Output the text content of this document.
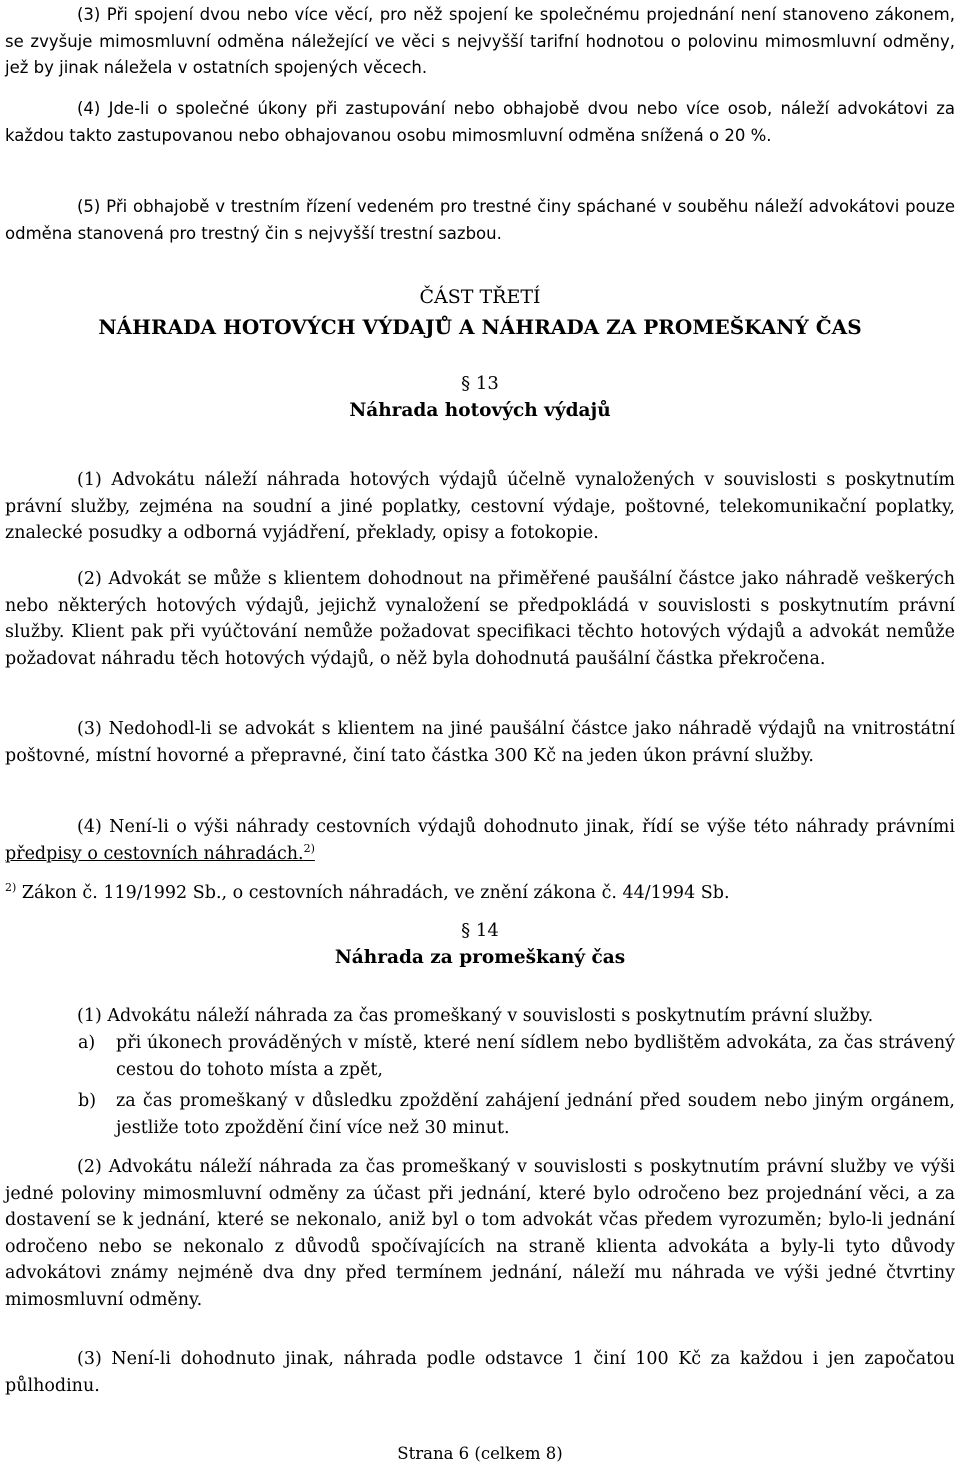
(3) Při spojení dvou nebo více věcí, pro něž spojení ke společnému projednání není stanoveno zákonem, se zvyšuje mimosmluvní odměna náležející ve věci s nejvyšší tarifní hodnotou o polovinu mimosmluvní odměny, jež by jinak náležela v ostatních spojených věcech.

(4) Jde-li o společné úkony při zastupování nebo obhajobě dvou nebo více osob, náleží advokátovi za každou takto zastupovanou nebo obhajovanou osobu mimosmluvní odměna snížená o 20 %.

(5) Při obhajobě v trestním řízení vedeném pro trestné činy spáchané v souběhu náleží advokátovi pouze odměna stanovená pro trestný čin s nejvyšší trestní sazbou.

ČÁST TŘETÍ

NÁHRADA HOTOVÝCH VÝDAJŮ A NÁHRADA ZA PROMEŠKANÝ ČAS

§ 13

Náhrada hotových výdajů

(1) Advokátu náleží náhrada hotových výdajů účelně vynaložených v souvislosti s poskytnutím právní služby, zejména na soudní a jiné poplatky, cestovní výdaje, poštovné, telekomunikační poplatky, znalecké posudky a odborná vyjádření, překlady, opisy a fotokopie.

(2) Advokát se může s klientem dohodnout na přiměřené paušální částce jako náhradě veškerých nebo některých hotových výdajů, jejichž vynaložení se předpokládá v souvislosti s poskytnutím právní služby. Klient pak při vyúčtování nemůže požadovat specifikaci těchto hotových výdajů a advokát nemůže požadovat náhradu těch hotových výdajů, o něž byla dohodnutá paušální částka překročena.

(3) Nedohodl-li se advokát s klientem na jiné paušální částce jako náhradě výdajů na vnitrostátní poštovné, místní hovorné a přepravné, činí tato částka 300 Kč na jeden úkon právní služby.

(4) Není-li o výši náhrady cestovních výdajů dohodnuto jinak, řídí se výše této náhrady právními předpisy o cestovních náhradách.$^{2)}$

$^{2)}$ Zákon č. 119/1992 Sb., o cestovních náhradách, ve znění zákona č. 44/1994 Sb.

§ 14

Náhrada za promeškaný čas

(1) Advokátu náleží náhrada za čas promeškaný v souvislosti s poskytnutím právní služby.

a)	při úkonech prováděných v místě, které není sídlem nebo bydlištěm advokáta, za čas strávený cestou do tohoto místa a zpět,
b)	za čas promeškaný v důsledku zpoždění zahájení jednání před soudem nebo jiným orgánem, jestliže toto zpoždění činí více než 30 minut.

(2) Advokátu náleží náhrada za čas promeškaný v souvislosti s poskytnutím právní služby ve výši jedné poloviny mimosmluvní odměny za účast při jednání, které bylo odročeno bez projednání věci, a za dostavení se k jednání, které se nekonalo, aniž byl o tom advokát včas předem vyrozuměn; bylo-li jednání odročeno nebo se nekonalo z důvodů spočívajících na straně klienta advokáta a byly-li tyto důvody advokátovi známy nejméně dva dny před termínem jednání, náleží mu náhrada ve výši jedné čtvrtiny mimosmluvní odměny.

(3) Není-li dohodnuto jinak, náhrada podle odstavce 1 činí 100 Kč za každou i jen započatou půlhodinu.

Strana 6 (celkem 8)
